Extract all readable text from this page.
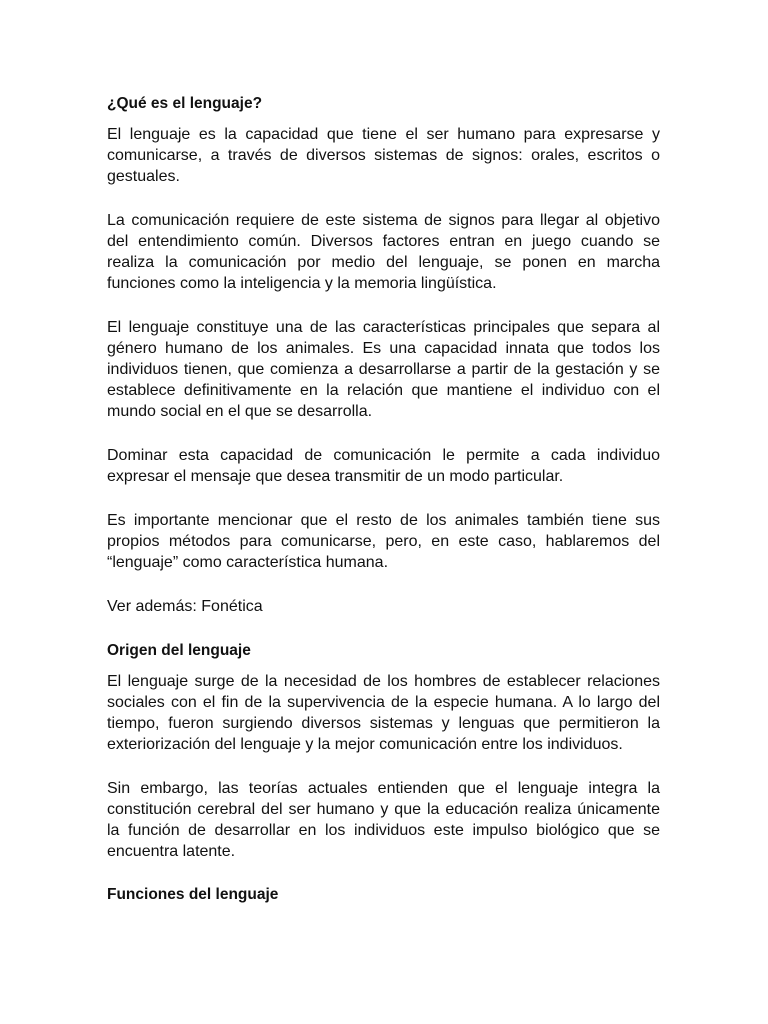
¿Qué es el lenguaje?

El lenguaje es la capacidad que tiene el ser humano para expresarse y comunicarse, a través de diversos sistemas de signos: orales, escritos o gestuales.

La comunicación requiere de este sistema de signos para llegar al objetivo del entendimiento común. Diversos factores entran en juego cuando se realiza la comunicación por medio del lenguaje, se ponen en marcha funciones como la inteligencia y la memoria lingüística.

El lenguaje constituye una de las características principales que separa al género humano de los animales. Es una capacidad innata que todos los individuos tienen, que comienza a desarrollarse a partir de la gestación y se establece definitivamente en la relación que mantiene el individuo con el mundo social en el que se desarrolla.

Dominar esta capacidad de comunicación le permite a cada individuo expresar el mensaje que desea transmitir de un modo particular.

Es importante mencionar que el resto de los animales también tiene sus propios métodos para comunicarse, pero, en este caso, hablaremos del “lenguaje” como característica humana.

Ver además: Fonética

Origen del lenguaje

El lenguaje surge de la necesidad de los hombres de establecer relaciones sociales con el fin de la supervivencia de la especie humana. A lo largo del tiempo, fueron surgiendo diversos sistemas y lenguas que permitieron la exteriorización del lenguaje y la mejor comunicación entre los individuos.

Sin embargo, las teorías actuales entienden que el lenguaje integra la constitución cerebral del ser humano y que la educación realiza únicamente la función de desarrollar en los individuos este impulso biológico que se encuentra latente.

Funciones del lenguaje
